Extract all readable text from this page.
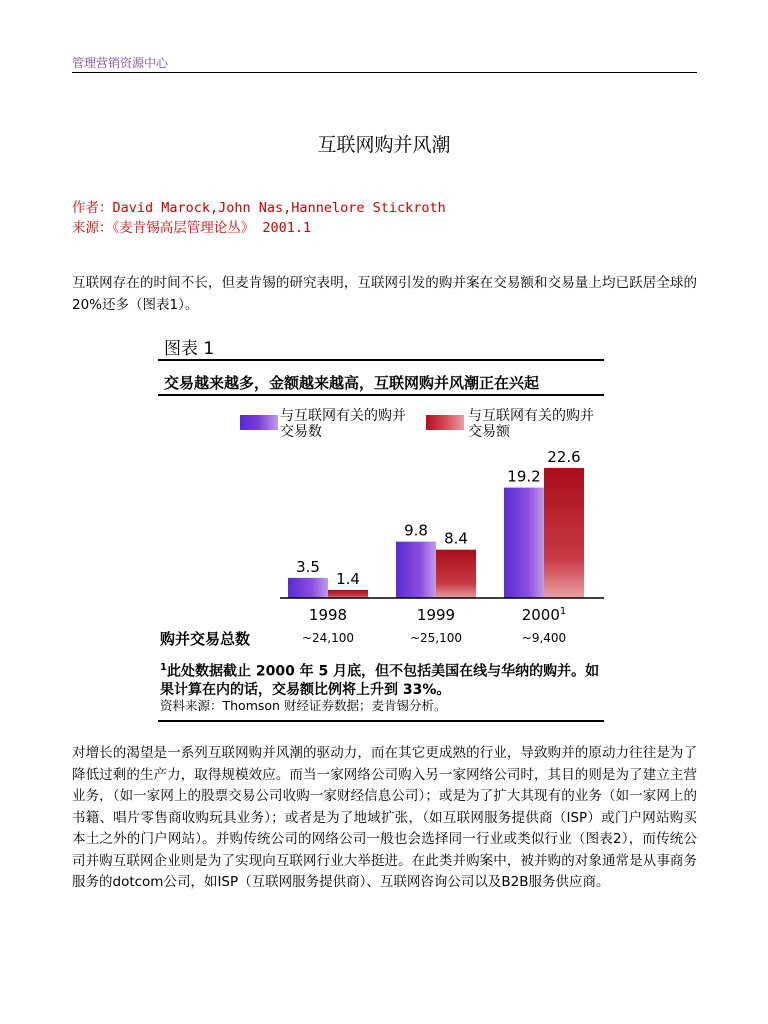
管理营销资源中心
互联网购并风潮
作者：David Marock,John Nas,Hannelore Stickroth
来源：《麦肯锡高层管理论丛》 2001.1

互联网存在的时间不长，但麦肯锡的研究表明，互联网引发的购并案在交易额和交易量上均已跃居全球的20%还多（图表1）。

图表 1
交易越来越多，金额越来越高，互联网购并风潮正在兴起
与互联网有关的购并交易数
与互联网有关的购并交易额
3.5
1.4
1998
~24,100
9.8 8.4
1999
~25,100
19.2
22.6
2000$^1$
~9,400
购并交易总数
$^1$此处数据截止 2000 年 5 月底，但不包括美国在线与华纳的购并。如果计算在内的话，交易额比例将上升到 33%。
资料来源：Thomson 财经证券数据；麦肯锡分析。

对增长的渴望是一系列互联网购并风潮的驱动力，而在其它更成熟的行业，导致购并的原动力往往是为了降低过剩的生产力，取得规模效应。而当一家网络公司购入另一家网络公司时，其目的则是为了建立主营业务，（如一家网上的股票交易公司收购一家财经信息公司）；或是为了扩大其现有的业务（如一家网上的书籍、唱片零售商收购玩具业务）；或者是为了地域扩张，（如互联网服务提供商（ISP）或门户网站购买本土之外的门户网站）。并购传统公司的网络公司一般也会选择同一行业或类似行业（图表2），而传统公司并购互联网企业则是为了实现向互联网行业大举挺进。在此类并购案中，被并购的对象通常是从事商务服务的dotcom公司，如ISP（互联网服务提供商）、互联网咨询公司以及B2B服务供应商。
